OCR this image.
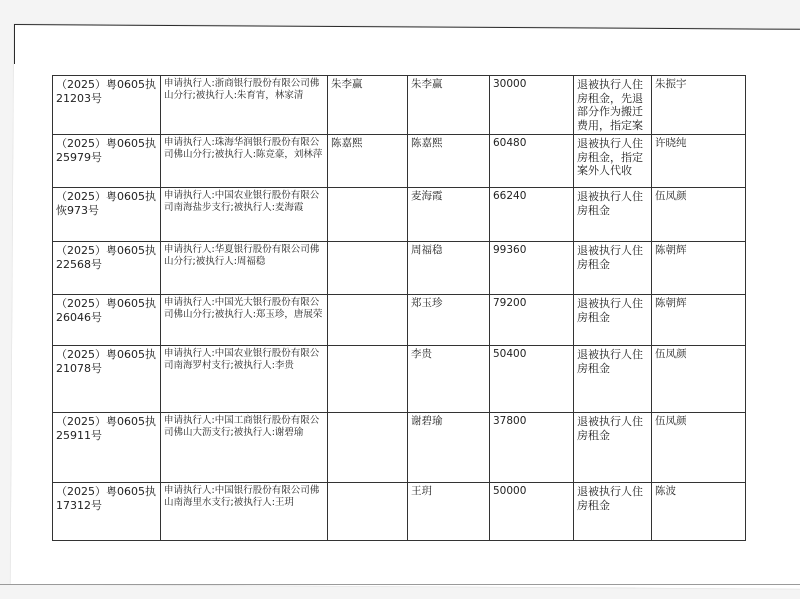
（2025）粤0605执21203号	申请执行人:浙商银行股份有限公司佛山分行;被执行人:朱育宵，林家清	朱李赢	朱李赢	30000	退被执行人住房租金，先退部分作为搬迁费用，指定案	朱振宇
（2025）粤0605执25979号	申请执行人:珠海华润银行股份有限公司佛山分行;被执行人:陈竞豪，刘林萍	陈嘉熙	陈嘉熙	60480	退被执行人住房租金，指定案外人代收	许晓纯
（2025）粤0605执恢973号	申请执行人:中国农业银行股份有限公司南海盐步支行;被执行人:麦海霞		麦海霞	66240	退被执行人住房租金	伍凤颜
（2025）粤0605执22568号	申请执行人:华夏银行股份有限公司佛山分行;被执行人:周福稳		周福稳	99360	退被执行人住房租金	陈朝辉
（2025）粤0605执26046号	申请执行人:中国光大银行股份有限公司佛山分行;被执行人:郑玉珍，唐展荣		郑玉珍	79200	退被执行人住房租金	陈朝辉
（2025）粤0605执21078号	申请执行人:中国农业银行股份有限公司南海罗村支行;被执行人:李贵		李贵	50400	退被执行人住房租金	伍凤颜
（2025）粤0605执25911号	申请执行人:中国工商银行股份有限公司佛山大沥支行;被执行人:谢碧瑜		谢碧瑜	37800	退被执行人住房租金	伍凤颜
（2025）粤0605执17312号	申请执行人:中国银行股份有限公司佛山南海里水支行;被执行人:王玥		王玥	50000	退被执行人住房租金	陈波
